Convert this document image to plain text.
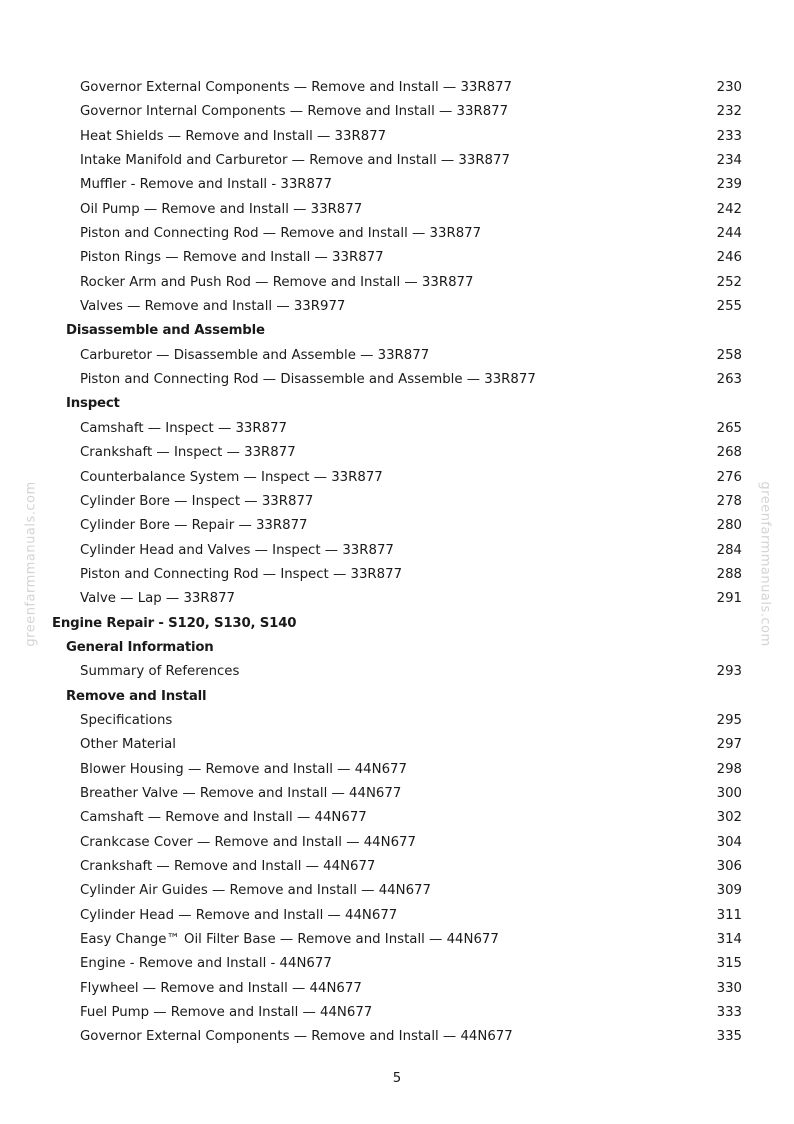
greenfarmmanuals.com	greenfarmmanuals.com
Governor External Components — Remove and Install — 33R877	230
Governor Internal Components — Remove and Install — 33R877	232
Heat Shields — Remove and Install — 33R877	233
Intake Manifold and Carburetor — Remove and Install — 33R877	234
Muffler - Remove and Install - 33R877	239
Oil Pump — Remove and Install — 33R877	242
Piston and Connecting Rod — Remove and Install — 33R877	244
Piston Rings — Remove and Install — 33R877	246
Rocker Arm and Push Rod — Remove and Install — 33R877	252
Valves — Remove and Install — 33R977	255
Disassemble and Assemble
Carburetor — Disassemble and Assemble — 33R877	258
Piston and Connecting Rod — Disassemble and Assemble — 33R877	263
Inspect
Camshaft — Inspect — 33R877	265
Crankshaft — Inspect — 33R877	268
Counterbalance System — Inspect — 33R877	276
Cylinder Bore — Inspect — 33R877	278
Cylinder Bore — Repair — 33R877	280
Cylinder Head and Valves — Inspect — 33R877	284
Piston and Connecting Rod — Inspect — 33R877	288
Valve — Lap — 33R877	291
Engine Repair - S120, S130, S140
General Information
Summary of References	293
Remove and Install
Specifications	295
Other Material	297
Blower Housing — Remove and Install — 44N677	298
Breather Valve — Remove and Install — 44N677	300
Camshaft — Remove and Install — 44N677	302
Crankcase Cover — Remove and Install — 44N677	304
Crankshaft — Remove and Install — 44N677	306
Cylinder Air Guides — Remove and Install — 44N677	309
Cylinder Head — Remove and Install — 44N677	311
Easy Change™ Oil Filter Base — Remove and Install — 44N677	314
Engine - Remove and Install - 44N677	315
Flywheel — Remove and Install — 44N677	330
Fuel Pump — Remove and Install — 44N677	333
Governor External Components — Remove and Install — 44N677	335
5
